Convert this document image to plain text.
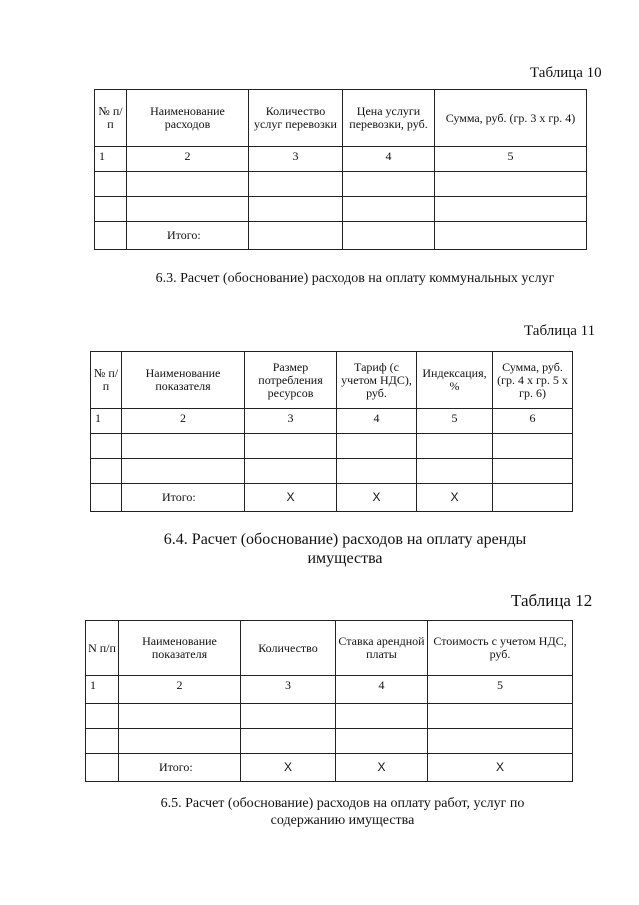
Таблица 10
№ п/п	Наименование расходов	Количество услуг перевозки	Цена услуги перевозки, руб.	Сумма, руб. (гр. 3 x гр. 4)
1	2	3	4	5

	Итого:			
6.3. Расчет (обоснование) расходов на оплату коммунальных услуг
Таблица 11
№ п/п	Наименование показателя	Размер потребления ресурсов	Тариф (с учетом НДС), руб.	Индексация, %	Сумма, руб. (гр. 4 x гр. 5 x гр. 6)
1	2	3	4	5	6

	Итого:	X	X	X	
6.4. Расчет (обоснование) расходов на оплату аренды имущества
Таблица 12
N п/п	Наименование показателя	Количество	Ставка арендной платы	Стоимость с учетом НДС, руб.
1	2	3	4	5

	Итого:	X	X	X
6.5. Расчет (обоснование) расходов на оплату работ, услуг по содержанию имущества
